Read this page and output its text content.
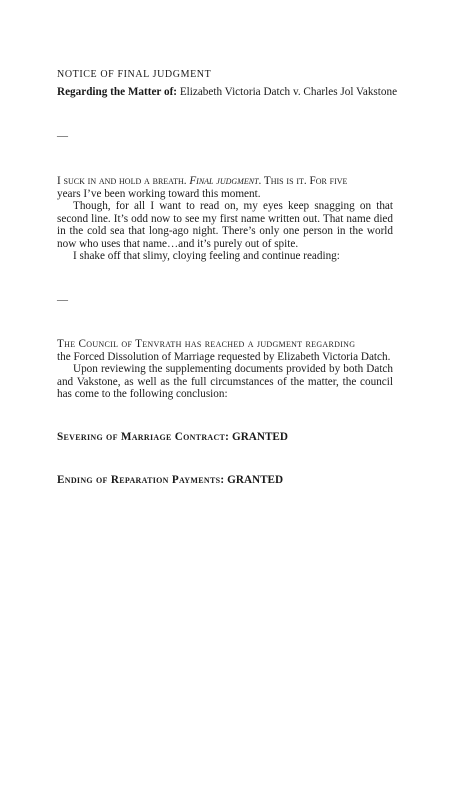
NOTICE OF FINAL JUDGMENT
Regarding the Matter of: Elizabeth Victoria Datch v. Charles Jol Vakstone
—

I suck in and hold a breath. Final judgment. This is it. For five
years I’ve been working toward this moment.

Though, for all I want to read on, my eyes keep snagging on that second line. It’s odd now to see my first name written out. That name died in the cold sea that long-ago night. There’s only one person in the world now who uses that name…and it’s purely out of spite.

I shake off that slimy, cloying feeling and continue reading:

—

The Council of Tenvrath has reached a judgment regarding
the Forced Dissolution of Marriage requested by Elizabeth Victoria Datch.

Upon reviewing the supplementing documents provided by both Datch and Vakstone, as well as the full circumstances of the matter, the council has come to the following conclusion:

Severing of Marriage Contract: GRANTED
Ending of Reparation Payments: GRANTED
